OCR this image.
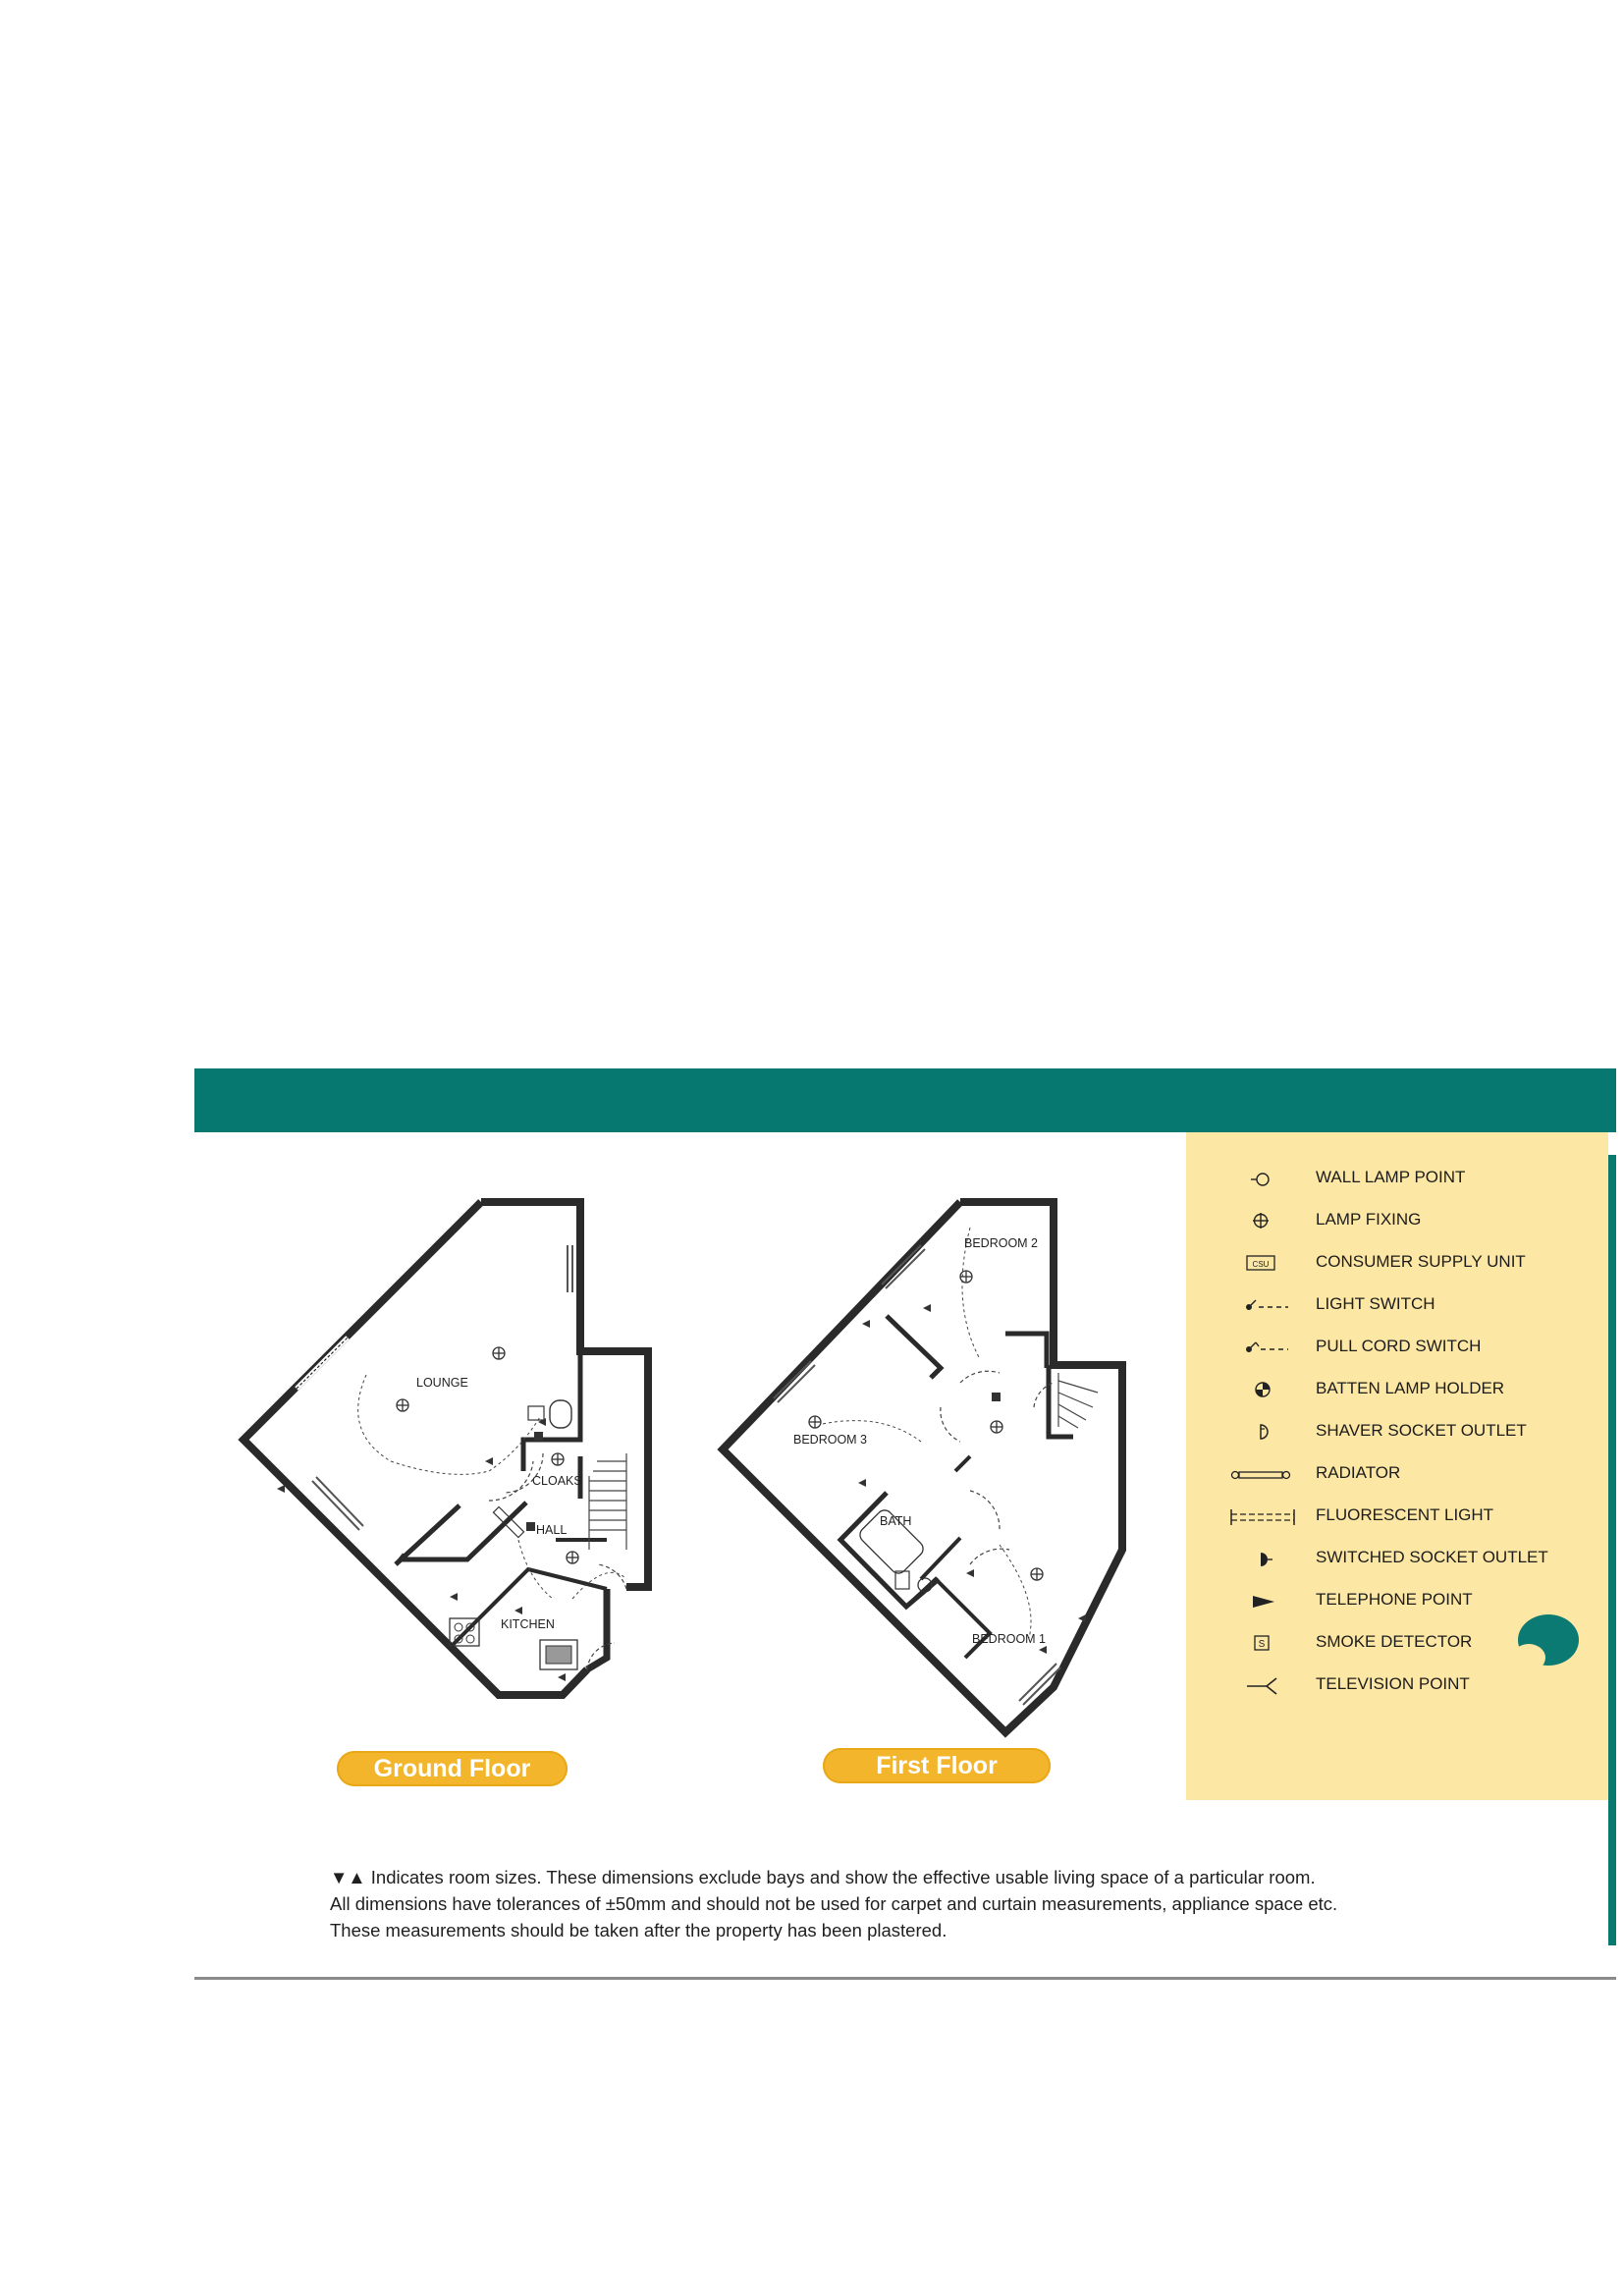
LOUNGE
CLOAKS
HALL
KITCHEN
BEDROOM 2
BEDROOM 3
BATH
BEDROOM 1
Ground Floor	First Floor
WALL LAMP POINT
LAMP FIXING
CSU	CONSUMER SUPPLY UNIT
LIGHT SWITCH
PULL CORD SWITCH
BATTEN LAMP HOLDER
SHAVER SOCKET OUTLET
RADIATOR
FLUORESCENT LIGHT
SWITCHED SOCKET OUTLET
TELEPHONE POINT
S	SMOKE DETECTOR
TELEVISION POINT
▼▲ Indicates room sizes. These dimensions exclude bays and show the effective usable living space of a particular room.
All dimensions have tolerances of ±50mm and should not be used for carpet and curtain measurements, appliance space etc.
These measurements should be taken after the property has been plastered.
